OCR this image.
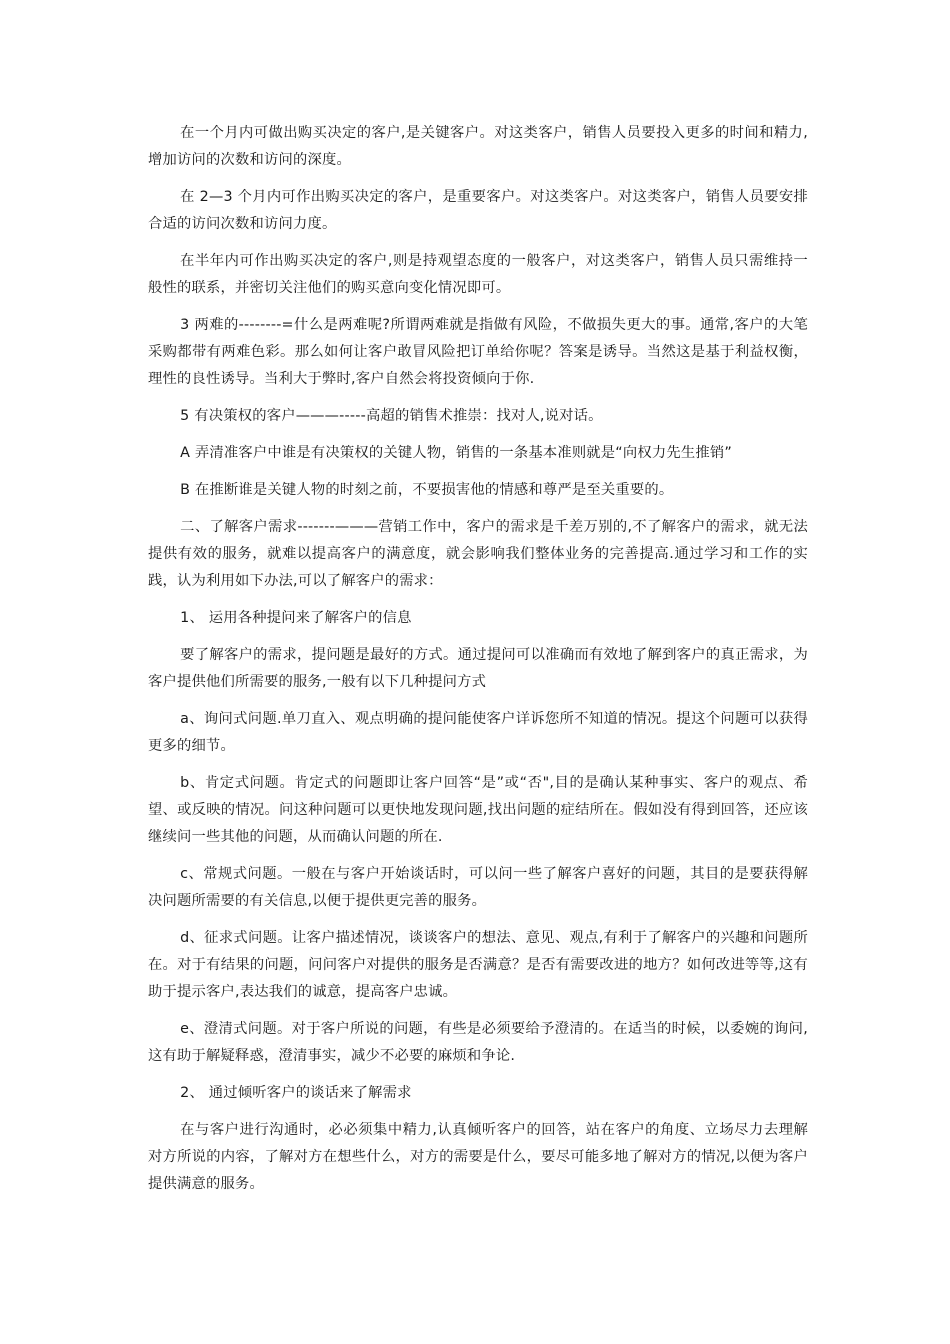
在一个月内可做出购买决定的客户,是关键客户。对这类客户，销售人员要投入更多的时间和精力,增加访问的次数和访问的深度。

在 2—3 个月内可作出购买决定的客户，是重要客户。对这类客户。对这类客户，销售人员要安排合适的访问次数和访问力度。

在半年内可作出购买决定的客户,则是持观望态度的一般客户，对这类客户，销售人员只需维持一般性的联系，并密切关注他们的购买意向变化情况即可。

3 两难的--------=什么是两难呢?所谓两难就是指做有风险，不做损失更大的事。通常,客户的大笔采购都带有两难色彩。那么如何让客户敢冒风险把订单给你呢？答案是诱导。当然这是基于利益权衡，理性的良性诱导。当利大于弊时,客户自然会将投资倾向于你.

5 有决策权的客户———-----高超的销售术推崇：找对人,说对话。

A 弄清准客户中谁是有决策权的关键人物，销售的一条基本准则就是“向权力先生推销”

B 在推断谁是关键人物的时刻之前，不要损害他的情感和尊严是至关重要的。

二、了解客户需求-------———营销工作中，客户的需求是千差万别的,不了解客户的需求，就无法提供有效的服务，就难以提高客户的满意度，就会影响我们整体业务的完善提高.通过学习和工作的实践，认为利用如下办法,可以了解客户的需求：

1、 运用各种提问来了解客户的信息

要了解客户的需求，提问题是最好的方式。通过提问可以准确而有效地了解到客户的真正需求，为客户提供他们所需要的服务,一般有以下几种提问方式

a、询问式问题.单刀直入、观点明确的提问能使客户详诉您所不知道的情况。提这个问题可以获得更多的细节。

b、肯定式问题。肯定式的问题即让客户回答“是”或“否",目的是确认某种事实、客户的观点、希望、或反映的情况。问这种问题可以更快地发现问题,找出问题的症结所在。假如没有得到回答，还应该继续问一些其他的问题，从而确认问题的所在.

c、常规式问题。一般在与客户开始谈话时，可以问一些了解客户喜好的问题，其目的是要获得解决问题所需要的有关信息,以便于提供更完善的服务。

d、征求式问题。让客户描述情况，谈谈客户的想法、意见、观点,有利于了解客户的兴趣和问题所在。对于有结果的问题，问问客户对提供的服务是否满意？是否有需要改进的地方？如何改进等等,这有助于提示客户,表达我们的诚意，提高客户忠诚。

e、澄清式问题。对于客户所说的问题，有些是必须要给予澄清的。在适当的时候，以委婉的询问,这有助于解疑释惑，澄清事实，减少不必要的麻烦和争论.

2、 通过倾听客户的谈话来了解需求

在与客户进行沟通时，必必须集中精力,认真倾听客户的回答，站在客户的角度、立场尽力去理解对方所说的内容，了解对方在想些什么，对方的需要是什么，要尽可能多地了解对方的情况,以便为客户提供满意的服务。
